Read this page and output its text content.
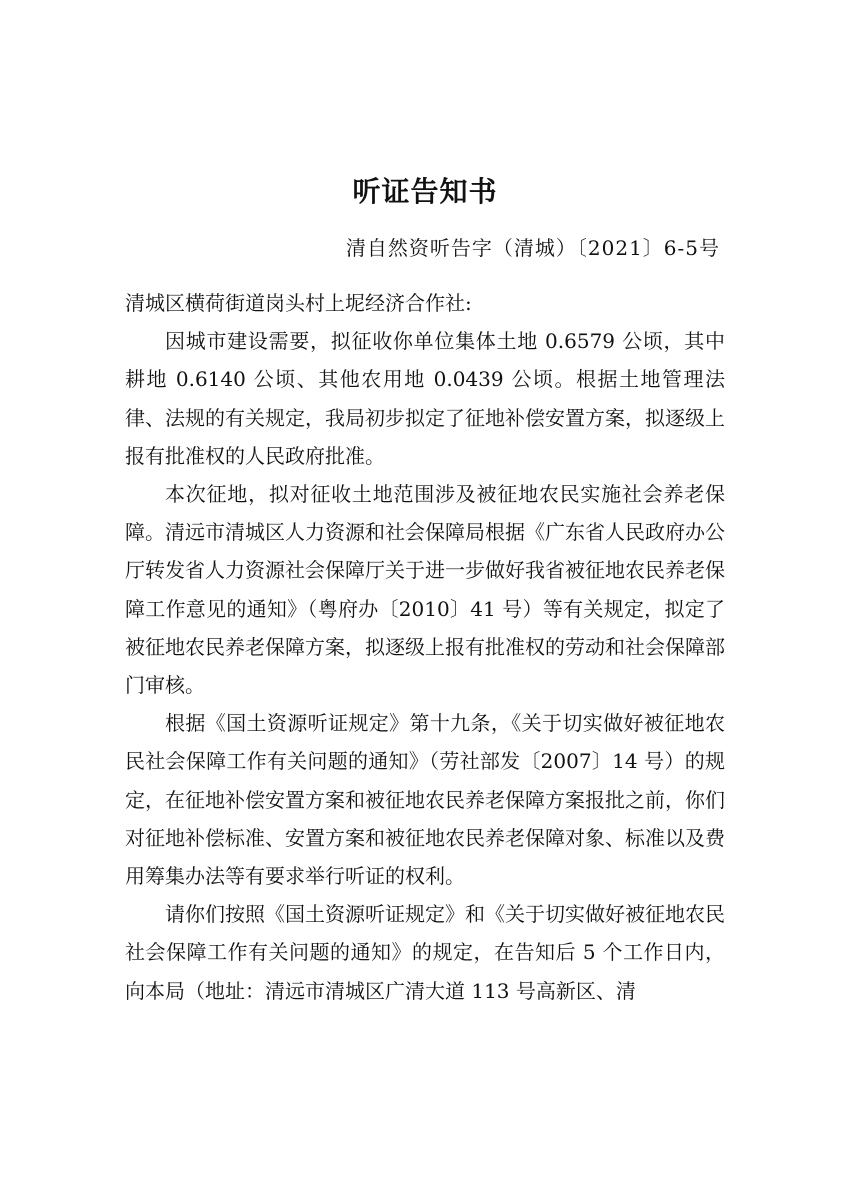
听证告知书
清自然资听告字（清城）〔2021〕6-5号

清城区横荷街道岗头村上坭经济合作社:

因城市建设需要，拟征收你单位集体土地 0.6579 公顷，其中耕地 0.6140 公顷、其他农用地 0.0439 公顷。根据土地管理法律、法规的有关规定，我局初步拟定了征地补偿安置方案，拟逐级上报有批准权的人民政府批准。

本次征地，拟对征收土地范围涉及被征地农民实施社会养老保障。清远市清城区人力资源和社会保障局根据《广东省人民政府办公厅转发省人力资源社会保障厅关于进一步做好我省被征地农民养老保障工作意见的通知》（粤府办〔2010〕41 号）等有关规定，拟定了被征地农民养老保障方案，拟逐级上报有批准权的劳动和社会保障部门审核。

根据《国土资源听证规定》第十九条，《关于切实做好被征地农民社会保障工作有关问题的通知》（劳社部发〔2007〕14 号）的规定，在征地补偿安置方案和被征地农民养老保障方案报批之前，你们对征地补偿标准、安置方案和被征地农民养老保障对象、标准以及费用筹集办法等有要求举行听证的权利。

请你们按照《国土资源听证规定》和《关于切实做好被征地农民社会保障工作有关问题的通知》的规定，在告知后 5 个工作日内，向本局（地址：清远市清城区广清大道 113 号高新区、清
